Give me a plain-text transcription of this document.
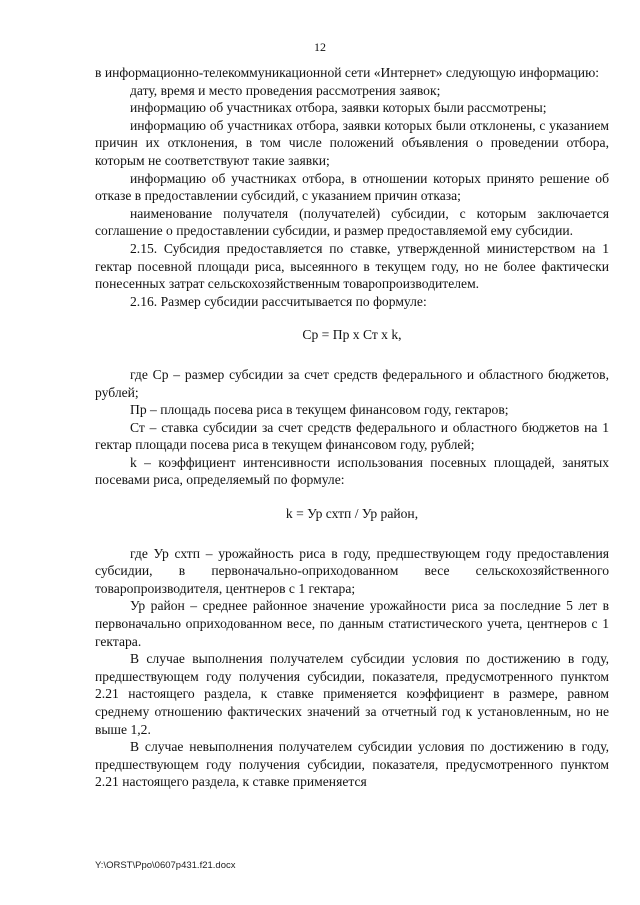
12

в информационно-телекоммуникационной сети «Интернет» следующую информацию:

дату, время и место проведения рассмотрения заявок;

информацию об участниках отбора, заявки которых были рассмотрены;

информацию об участниках отбора, заявки которых были отклонены, с указанием причин их отклонения, в том числе положений объявления о проведении отбора, которым не соответствуют такие заявки;

информацию об участниках отбора, в отношении которых принято решение об отказе в предоставлении субсидий, с указанием причин отказа;

наименование получателя (получателей) субсидии, с которым заключается соглашение о предоставлении субсидии, и размер предоставляемой ему субсидии.

2.15. Субсидия предоставляется по ставке, утвержденной министерством на 1 гектар посевной площади риса, высеянного в текущем году, но не более фактически понесенных затрат сельскохозяйственным товаропроизводителем.

2.16. Размер субсидии рассчитывается по формуле:

Ср = Пр х Ст х k,

где Ср – размер субсидии за счет средств федерального и областного бюджетов, рублей;

Пр – площадь посева риса в текущем финансовом году, гектаров;

Ст – ставка субсидии за счет средств федерального и областного бюджетов на 1 гектар площади посева риса в текущем финансовом году, рублей;

k – коэффициент интенсивности использования посевных площадей, занятых посевами риса, определяемый по формуле:

k = Ур схтп / Ур район,

где Ур схтп – урожайность риса в году, предшествующем году предоставления субсидии, в первоначально-оприходованном весе сельскохозяйственного товаропроизводителя, центнеров с 1 гектара;

Ур район – среднее районное значение урожайности риса за последние 5 лет в первоначально оприходованном весе, по данным статистического учета, центнеров с 1 гектара.

В случае выполнения получателем субсидии условия по достижению в году, предшествующем году получения субсидии, показателя, предусмотренного пунктом 2.21 настоящего раздела, к ставке применяется коэффициент в размере, равном среднему отношению фактических значений за отчетный год к установленным, но не выше 1,2.

В случае невыполнения получателем субсидии условия по достижению в году, предшествующем году получения субсидии, показателя, предусмотренного пунктом 2.21 настоящего раздела, к ставке применяется

Y:\ORST\Ppo\0607p431.f21.docx
